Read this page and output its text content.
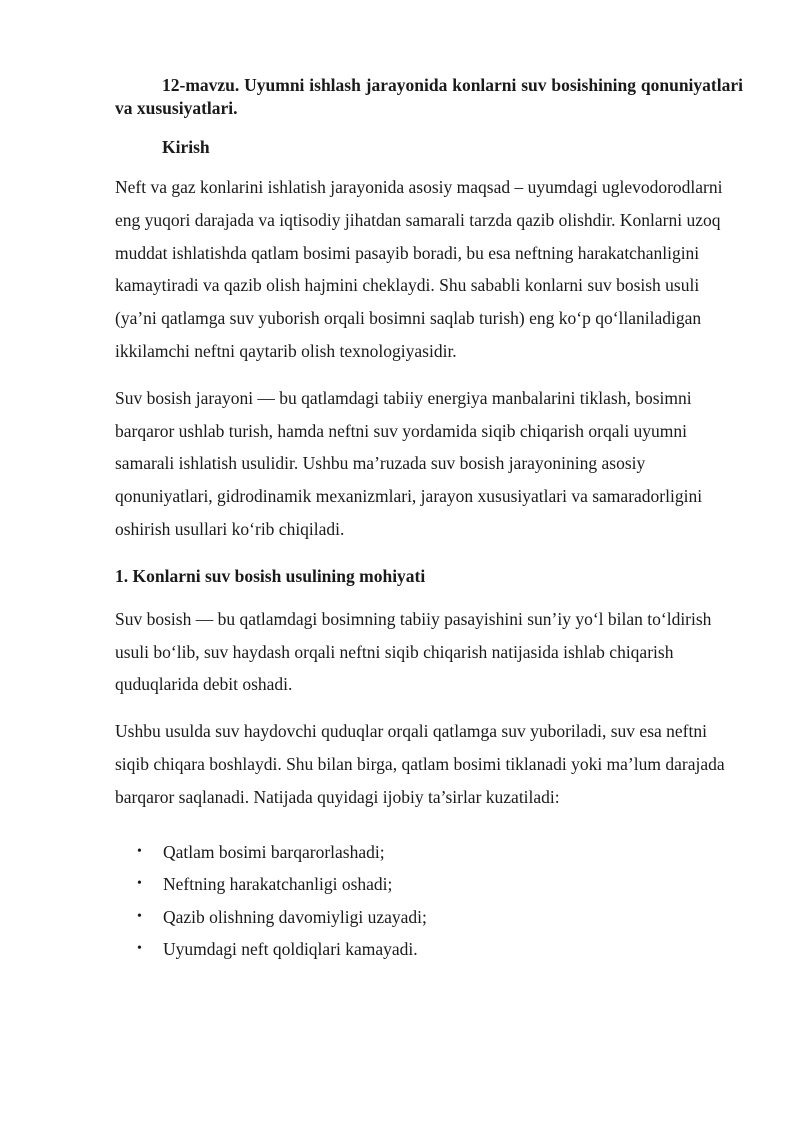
12-mavzu. Uyumni ishlash jarayonida konlarni suv bosishining qonuniyatlari va xususiyatlari.

Kirish

Neft va gaz konlarini ishlatish jarayonida asosiy maqsad – uyumdagi uglevodorodlarni eng yuqori darajada va iqtisodiy jihatdan samarali tarzda qazib olishdir. Konlarni uzoq muddat ishlatishda qatlam bosimi pasayib boradi, bu esa neftning harakatchanligini kamaytiradi va qazib olish hajmini cheklaydi. Shu sababli konlarni suv bosish usuli (ya’ni qatlamga suv yuborish orqali bosimni saqlab turish) eng ko‘p qo‘llaniladigan ikkilamchi neftni qaytarib olish texnologiyasidir.

Suv bosish jarayoni — bu qatlamdagi tabiiy energiya manbalarini tiklash, bosimni barqaror ushlab turish, hamda neftni suv yordamida siqib chiqarish orqali uyumni samarali ishlatish usulidir. Ushbu ma’ruzada suv bosish jarayonining asosiy qonuniyatlari, gidrodinamik mexanizmlari, jarayon xususiyatlari va samaradorligini oshirish usullari ko‘rib chiqiladi.

1. Konlarni suv bosish usulining mohiyati

Suv bosish — bu qatlamdagi bosimning tabiiy pasayishini sun’iy yo‘l bilan to‘ldirish usuli bo‘lib, suv haydash orqali neftni siqib chiqarish natijasida ishlab chiqarish quduqlarida debit oshadi.

Ushbu usulda suv haydovchi quduqlar orqali qatlamga suv yuboriladi, suv esa neftni siqib chiqara boshlaydi. Shu bilan birga, qatlam bosimi tiklanadi yoki ma’lum darajada barqaror saqlanadi. Natijada quyidagi ijobiy ta’sirlar kuzatiladi:

• Qatlam bosimi barqarorlashadi;
• Neftning harakatchanligi oshadi;
• Qazib olishning davomiyligi uzayadi;
• Uyumdagi neft qoldiqlari kamayadi.
